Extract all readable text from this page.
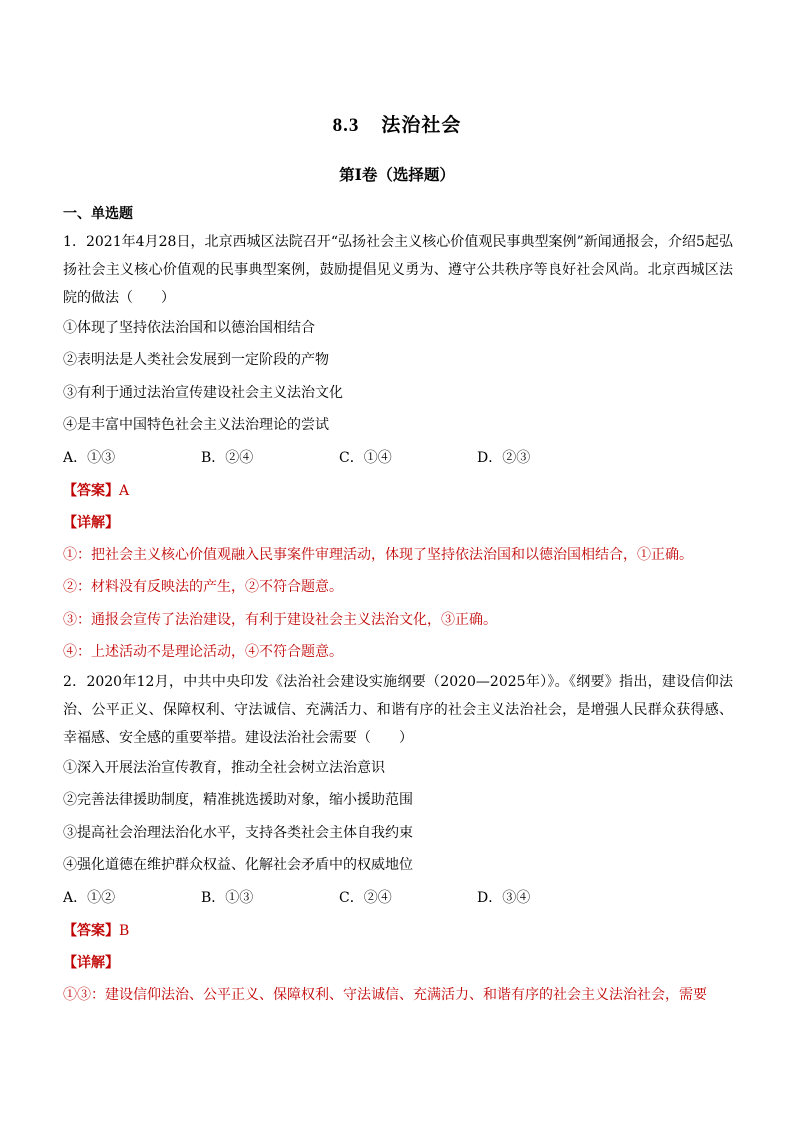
8.3 法治社会
第Ⅰ卷（选择题）
一、单选题

1．2021年4月28日，北京西城区法院召开“弘扬社会主义核心价值观民事典型案例”新闻通报会，介绍5起弘扬社会主义核心价值观的民事典型案例，鼓励提倡见义勇为、遵守公共秩序等良好社会风尚。北京西城区法院的做法（　　）

①体现了坚持依法治国和以德治国相结合

②表明法是人类社会发展到一定阶段的产物

③有利于通过法治宣传建设社会主义法治文化

④是丰富中国特色社会主义法治理论的尝试

A．①③	B．②④	C．①④	D．②③

【答案】A

【详解】

①：把社会主义核心价值观融入民事案件审理活动，体现了坚持依法治国和以德治国相结合，①正确。

②：材料没有反映法的产生，②不符合题意。

③：通报会宣传了法治建设，有利于建设社会主义法治文化，③正确。

④：上述活动不是理论活动，④不符合题意。

2．2020年12月，中共中央印发《法治社会建设实施纲要（2020—2025年）》。《纲要》指出，建设信仰法治、公平正义、保障权利、守法诚信、充满活力、和谐有序的社会主义法治社会，是增强人民群众获得感、幸福感、安全感的重要举措。建设法治社会需要（　　）

①深入开展法治宣传教育，推动全社会树立法治意识

②完善法律援助制度，精准挑选援助对象，缩小援助范围

③提高社会治理法治化水平，支持各类社会主体自我约束

④强化道德在维护群众权益、化解社会矛盾中的权威地位

A．①②	B．①③	C．②④	D．③④

【答案】B

【详解】

①③：建设信仰法治、公平正义、保障权利、守法诚信、充满活力、和谐有序的社会主义法治社会，需要
